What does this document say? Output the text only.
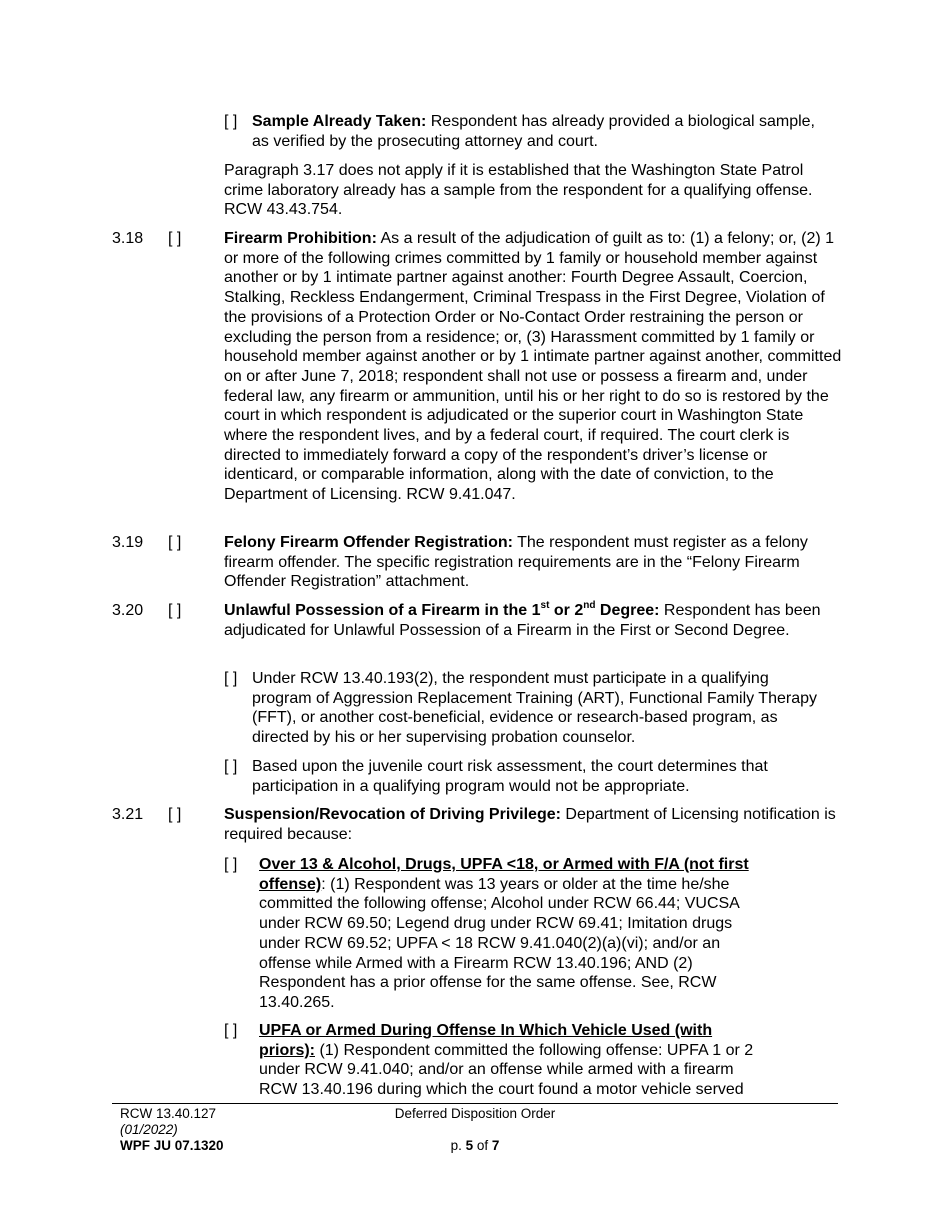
[ ] Sample Already Taken: Respondent has already provided a biological sample, as verified by the prosecuting attorney and court.

Paragraph 3.17 does not apply if it is established that the Washington State Patrol crime laboratory already has a sample from the respondent for a qualifying offense. RCW 43.43.754.

3.18	[ ]	Firearm Prohibition: As a result of the adjudication of guilt as to: (1) a felony; or, (2) 1 or more of the following crimes committed by 1 family or household member against another or by 1 intimate partner against another: Fourth Degree Assault, Coercion, Stalking, Reckless Endangerment, Criminal Trespass in the First Degree, Violation of the provisions of a Protection Order or No-Contact Order restraining the person or excluding the person from a residence; or, (3) Harassment committed by 1 family or household member against another or by 1 intimate partner against another, committed on or after June 7, 2018; respondent shall not use or possess a firearm and, under federal law, any firearm or ammunition, until his or her right to do so is restored by the court in which respondent is adjudicated or the superior court in Washington State where the respondent lives, and by a federal court, if required. The court clerk is directed to immediately forward a copy of the respondent’s driver’s license or identicard, or comparable information, along with the date of conviction, to the Department of Licensing. RCW 9.41.047.

3.19	[ ]	Felony Firearm Offender Registration: The respondent must register as a felony firearm offender. The specific registration requirements are in the “Felony Firearm Offender Registration” attachment.

3.20	[ ]	Unlawful Possession of a Firearm in the 1st or 2nd Degree: Respondent has been adjudicated for Unlawful Possession of a Firearm in the First or Second Degree.

[ ] Under RCW 13.40.193(2), the respondent must participate in a qualifying program of Aggression Replacement Training (ART), Functional Family Therapy (FFT), or another cost-beneficial, evidence or research-based program, as directed by his or her supervising probation counselor.

[ ] Based upon the juvenile court risk assessment, the court determines that participation in a qualifying program would not be appropriate.

3.21	[ ]	Suspension/Revocation of Driving Privilege: Department of Licensing notification is required because:

[ ]	Over 13 & Alcohol, Drugs, UPFA <18, or Armed with F/A (not first offense): (1) Respondent was 13 years or older at the time he/she committed the following offense; Alcohol under RCW 66.44; VUCSA under RCW 69.50; Legend drug under RCW 69.41; Imitation drugs under RCW 69.52; UPFA < 18 RCW 9.41.040(2)(a)(vi); and/or an offense while Armed with a Firearm RCW 13.40.196; AND (2) Respondent has a prior offense for the same offense. See, RCW 13.40.265.

[ ]	UPFA or Armed During Offense In Which Vehicle Used (with priors): (1) Respondent committed the following offense: UPFA 1 or 2 under RCW 9.41.040; and/or an offense while armed with a firearm RCW 13.40.196 during which the court found a motor vehicle served

RCW 13.40.127
(01/2022)
WPF JU 07.1320
Deferred Disposition Order
p. 5 of 7
